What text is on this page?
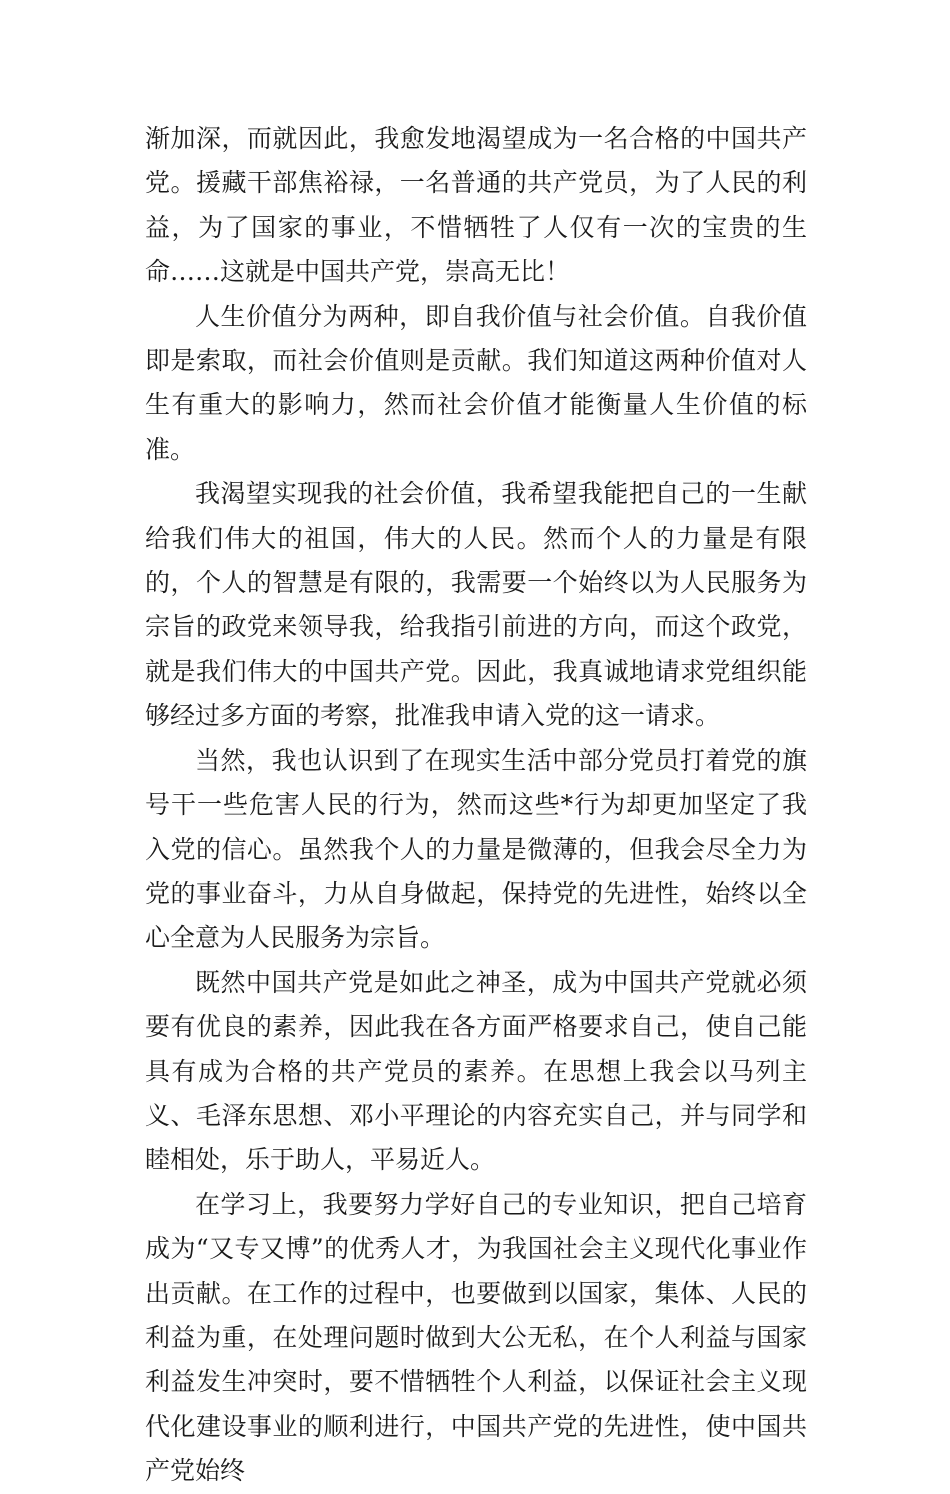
渐加深，而就因此，我愈发地渴望成为一名合格的中国共产党。援藏干部焦裕禄，一名普通的共产党员，为了人民的利益，为了国家的事业，不惜牺牲了人仅有一次的宝贵的生命……这就是中国共产党，崇高无比！

人生价值分为两种，即自我价值与社会价值。自我价值即是索取，而社会价值则是贡献。我们知道这两种价值对人生有重大的影响力，然而社会价值才能衡量人生价值的标准。

我渴望实现我的社会价值，我希望我能把自己的一生献给我们伟大的祖国，伟大的人民。然而个人的力量是有限的，个人的智慧是有限的，我需要一个始终以为人民服务为宗旨的政党来领导我，给我指引前进的方向，而这个政党，就是我们伟大的中国共产党。因此，我真诚地请求党组织能够经过多方面的考察，批准我申请入党的这一请求。

当然，我也认识到了在现实生活中部分党员打着党的旗号干一些危害人民的行为，然而这些*行为却更加坚定了我入党的信心。虽然我个人的力量是微薄的，但我会尽全力为党的事业奋斗，力从自身做起，保持党的先进性，始终以全心全意为人民服务为宗旨。

既然中国共产党是如此之神圣，成为中国共产党就必须要有优良的素养，因此我在各方面严格要求自己，使自己能具有成为合格的共产党员的素养。在思想上我会以马列主义、毛泽东思想、邓小平理论的内容充实自己，并与同学和睦相处，乐于助人，平易近人。

在学习上，我要努力学好自己的专业知识，把自己培育成为“又专又博”的优秀人才，为我国社会主义现代化事业作出贡献。在工作的过程中，也要做到以国家，集体、人民的利益为重，在处理问题时做到大公无私，在个人利益与国家利益发生冲突时，要不惜牺牲个人利益，以保证社会主义现代化建设事业的顺利进行，中国共产党的先进性，使中国共产党始终
